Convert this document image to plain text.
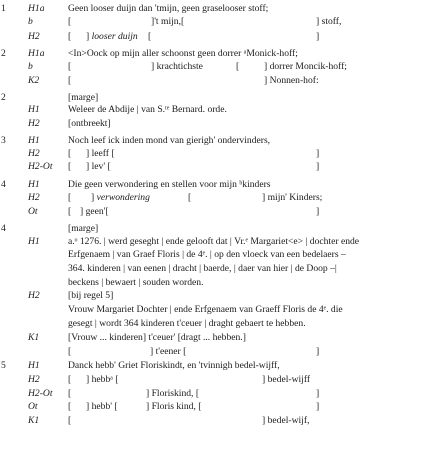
1 H1a Geen looser duijn dan 'tmijn, geen graselooser stoff;
b	[	]'t mijn,[	] stoff,
H2	[ ] looser duijn [	]
2 H1a <In>Oock op mijn aller schoonst geen dorrer ᵃMonick-hoff;
b	[	] krachtichste	[	] dorrer Moncik-hoff;
K2	[	] Nonnen-hof:
2	[marge]
H1	Weleer de Abdije | van S.ᵗᵉ Bernard. orde.
H2	[ontbreekt]
3 H1	Noch leef ick inden mond van gierigh' ondervinders,
H2	[ ] leeff [	]
H2-Ot [ ] lev' [	]
4 H1	Die geen verwondering en stellen voor mijn ᵇkinders
H2	[ ] verwondering	[	] mijn' Kinders;
Ot	[ ] geen'[	]
4	[marge]
H1	a.ᵒ 1276. | werd geseght | ende gelooft dat | Vr.ᵉ Margariet<e> | dochter ende
Erfgenaem | van Graef Floris | de 4ᵉ. | op den vloeck van een bedelaers –
364. kinderen | van eenen | dracht | baerde, | daer van hier | de Doop –|
beckens | bewaert | souden worden.
H2	[bij regel 5]
Vrouw Margariet Dochter | ende Erfgenaem van Graeff Floris de 4ᵉ. die
gesegt | wordt 364 kinderen t'ceuer | draght gebaert te hebben.
K1	[Vrouw ... kinderen] t'ceuer' [dragt ... hebben.]
[	] t'eener [	]
5 H1	Danck hebb' Griet Floriskindt, en 'tvinnigh bedel-wijff,
H2	[ ] hebbᵃ [	] bedel-wijff
H2-Ot [	] Floriskind, [	]
Ot	[ ] hebb' [	] Floris kind, [	]
K1	[	] bedel-wijf,
